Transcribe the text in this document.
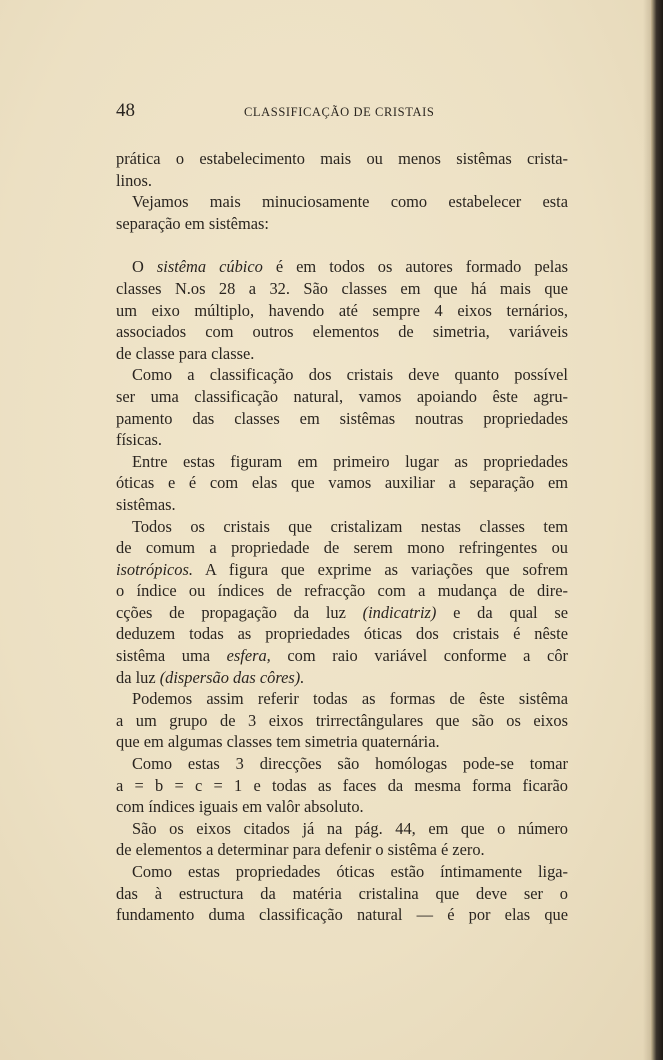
48	CLASSIFICAÇÃO DE CRISTAIS
prática o estabelecimento mais ou menos sistêmas crista-
linos.
Vejamos mais minuciosamente como estabelecer esta
separação em sistêmas:
O sistêma cúbico é em todos os autores formado pelas
classes N.os 28 a 32. São classes em que há mais que
um eixo múltiplo, havendo até sempre 4 eixos ternários,
associados com outros elementos de simetria, variáveis
de classe para classe.
Como a classificação dos cristais deve quanto possível
ser uma classificação natural, vamos apoiando êste agru-
pamento das classes em sistêmas noutras propriedades
físicas.
Entre estas figuram em primeiro lugar as propriedades
óticas e é com elas que vamos auxiliar a separação em
sistêmas.
Todos os cristais que cristalizam nestas classes tem
de comum a propriedade de serem mono refringentes ou
isotrópicos. A figura que exprime as variações que sofrem
o índice ou índices de refracção com a mudança de dire-
cções de propagação da luz (indicatriz) e da qual se
deduzem todas as propriedades óticas dos cristais é nêste
sistêma uma esfera, com raio variável conforme a côr
da luz (dispersão das côres).
Podemos assim referir todas as formas de êste sistêma
a um grupo de 3 eixos trirrectângulares que são os eixos
que em algumas classes tem simetria quaternária.
Como estas 3 direcções são homólogas pode-se tomar
a = b = c = 1 e todas as faces da mesma forma ficarão
com índices iguais em valôr absoluto.
São os eixos citados já na pág. 44, em que o número
de elementos a determinar para defenir o sistêma é zero.
Como estas propriedades óticas estão íntimamente liga-
das à estructura da matéria cristalina que deve ser o
fundamento duma classificação natural — é por elas que
